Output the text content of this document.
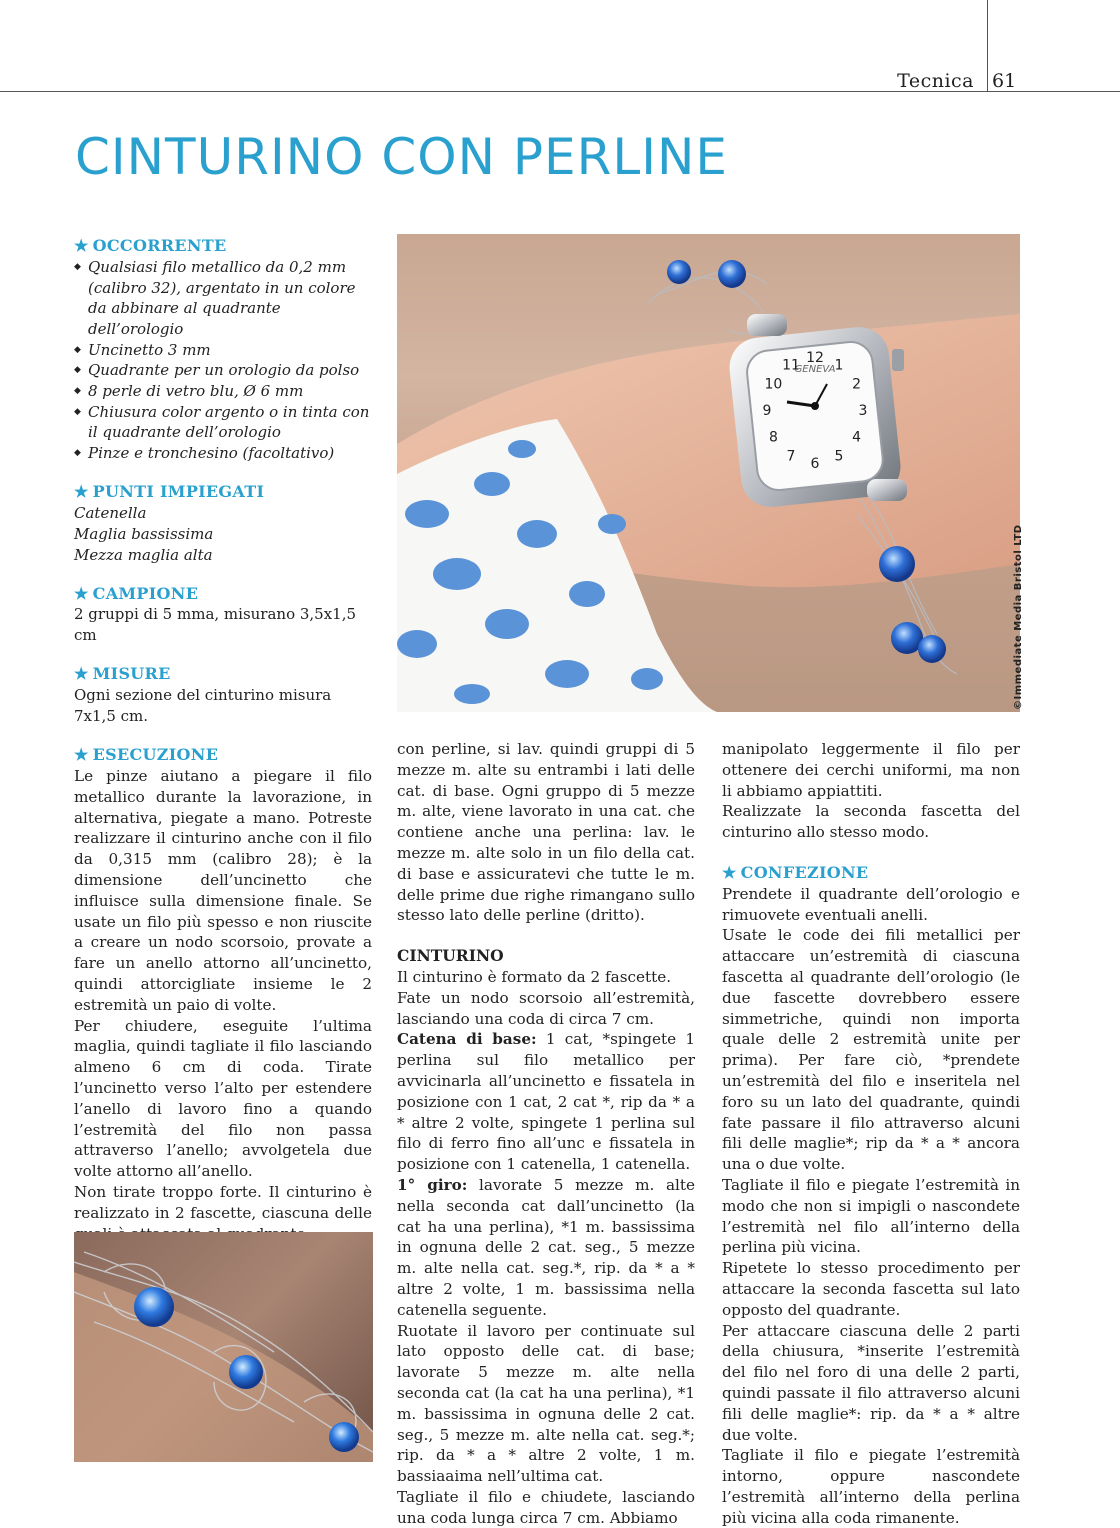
Tecnica 61
CINTURINO CON PERLINE
GENEVA
12 1
2
3
4
5
6
7
8
9
10
11
©Immediate Media Bristol LTD
★ OCCORRENTE
◆ Qualsiasi filo metallico da 0,2 mm (calibro 32), argentato in un colore da abbinare al quadrante dell’orologio
◆ Uncinetto 3 mm
◆ Quadrante per un orologio da polso
◆ 8 perle di vetro blu, Ø 6 mm
◆ Chiusura color argento o in tinta con il quadrante dell’orologio
◆ Pinze e tronchesino (facoltativo)
★ PUNTI IMPIEGATI
Catenella
Maglia bassissima
Mezza maglia alta
★ CAMPIONE
2 gruppi di 5 mma, misurano 3,5x1,5 cm
★ MISURE
Ogni sezione del cinturino misura 7x1,5 cm.
★ ESECUZIONE

Le pinze aiutano a piegare il filo metallico durante la lavorazione, in alternativa, piegate a mano. Potreste realizzare il cinturino anche con il filo da 0,315 mm (calibro 28); è la dimensione dell’uncinetto che influisce sulla dimensione finale. Se usate un filo più spesso e non riuscite a creare un nodo scorsoio, provate a fare un anello attorno all’uncinetto, quindi attorcigliate insieme le 2 estremità un paio di volte.

Per chiudere, eseguite l’ultima maglia, quindi tagliate il filo lasciando almeno 6 cm di coda. Tirate l’uncinetto verso l’alto per estendere l’anello di lavoro fino a quando l’estremità del filo non passa attraverso l’anello; avvolgetela due volte attorno all’anello.

Non tirate troppo forte. Il cinturino è realizzato in 2 fascette, ciascuna delle

con perline, si lav. quindi gruppi di 5 mezze m. alte su entrambi i lati delle cat. di base. Ogni gruppo di 5 mezze m. alte, viene lavorato in una cat. che contiene anche una perlina: lav. le mezze m. alte solo in un filo della cat. di base e assicuratevi che tutte le m. delle prime due righe rimangano sullo stesso lato delle perline (dritto).

CINTURINO

Il cinturino è formato da 2 fascette.

Fate un nodo scorsoio all’estremità, lasciando una coda di circa 7 cm.

Catena di base: 1 cat, *spingete 1 perlina sul filo metallico per avvicinarla all’uncinetto e fissatela in posizione con 1 cat, 2 cat *, rip da * a * altre 2 volte, spingete 1 perlina sul filo di ferro fino all’unc e fissatela in posizione con 1 catenella, 1 catenella.

1° giro: lavorate 5 mezze m. alte nella seconda cat dall’uncinetto (la cat ha una perlina), *1 m. bassissima in ognuna delle 2 cat. seg., 5 mezze m. alte nella cat. seg.*, rip. da * a * altre 2 volte, 1 m. bassissima nella catenella seguente.

Ruotate il lavoro per continuate sul lato opposto delle cat. di base; lavorate 5 mezze m. alte nella seconda cat (la cat ha una perlina), *1 m. bassissima in ognuna delle 2 cat. seg., 5 mezze m. alte nella cat. seg.*; rip. da * a * altre 2 volte, 1 m. bassiaaima nell’ultima cat.

Tagliate il filo e chiudete, lasciando una coda lunga circa 7 cm. Abbiamo

manipolato leggermente il filo per ottenere dei cerchi uniformi, ma non li abbiamo appiattiti.

Realizzate la seconda fascetta del cinturino allo stesso modo.

★ CONFEZIONE

Prendete il quadrante dell’orologio e rimuovete eventuali anelli.

Usate le code dei fili metallici per attaccare un’estremità di ciascuna fascetta al quadrante dell’orologio (le due fascette dovrebbero essere simmetriche, quindi non importa quale delle 2 estremità unite per prima). Per fare ciò, *prendete un’estremità del filo e inseritela nel foro su un lato del quadrante, quindi fate passare il filo attraverso alcuni fili delle maglie*; rip da * a * ancora una o due volte.

Tagliate il filo e piegate l’estremità in modo che non si impigli o nascondete l’estremità nel filo all’interno della perlina più vicina.

Ripetete lo stesso procedimento per attaccare la seconda fascetta sul lato opposto del quadrante.

Per attaccare ciascuna delle 2 parti della chiusura, *inserite l’estremità del filo nel foro di una delle 2 parti, quindi passate il filo attraverso alcuni fili delle maglie*: rip. da * a * altre due volte.

Tagliate il filo e piegate l’estremità intorno, oppure nascondete l’estremità all’interno della perlina più vicina alla coda rimanente.
